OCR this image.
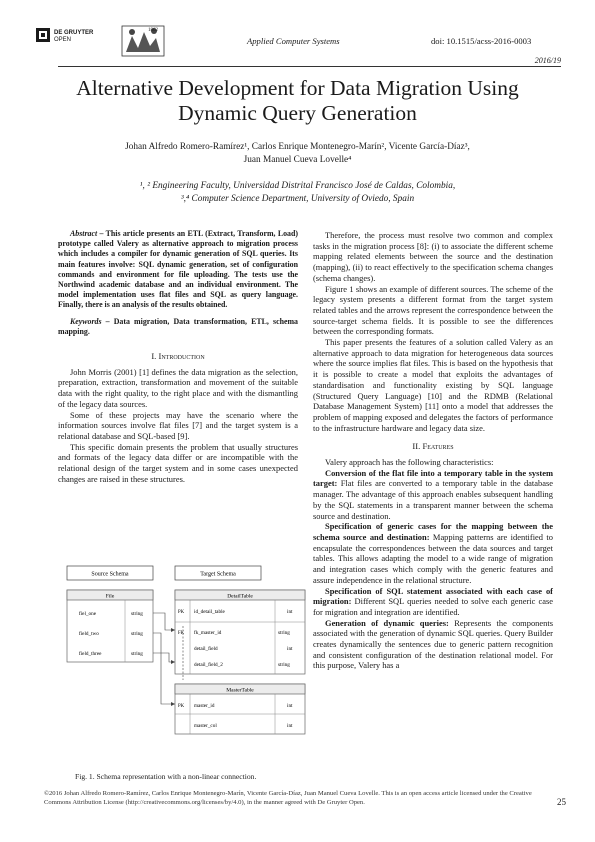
DE GRUYTER
OPEN
1862
Applied Computer Systems	doi: 10.1515/acss-2016-0003
2016/19
Alternative Development for Data Migration Using Dynamic Query Generation
Johan Alfredo Romero-Ramírez¹, Carlos Enrique Montenegro-Marín², Vicente García-Díaz³,
Juan Manuel Cueva Lovelle⁴
¹, ² Engineering Faculty, Universidad Distrital Francisco José de Caldas, Colombia,
³,⁴ Computer Science Department, University of Oviedo, Spain

Abstract – This article presents an ETL (Extract, Transform, Load) prototype called Valery as alternative approach to migration process which includes a compiler for dynamic generation of SQL queries. Its main features involve: SQL dynamic generation, set of configuration commands and environment for file uploading. The tests use the Northwind academic database and an individual environment. The model implementation uses flat files and SQL as query language. Finally, there is an analysis of the results obtained.

Keywords – Data migration, Data transformation, ETL, schema mapping.

I. Introduction

John Morris (2001) [1] defines the data migration as the selection, preparation, extraction, transformation and movement of the suitable data with the right quality, to the right place and with the dismantling of the legacy data sources.

Some of these projects may have the scenario where the information sources involve flat files [7] and the target system is a relational database and SQL-based [9].

This specific domain presents the problem that usually structures and formats of the legacy data differ or are incompatible with the relational design of the target system and in some cases unexpected changes are raised in these structures.

Source Schema	Target Schema
File
fiel_one	string
field_two	string
field_three	string
DetailTable
PK id_detail_table	int
FK fk_master_id	string
detail_field	int
detail_field_2	string
MasterTable
PK master_id	int
master_col	int
Fig. 1. Schema representation with a non-linear connection.

Therefore, the process must resolve two common and complex tasks in the migration process [8]: (i) to associate the different scheme mapping related elements between the source and the destination (mapping), (ii) to react effectively to the specification schema changes (schema changes).

Figure 1 shows an example of different sources. The scheme of the legacy system presents a different format from the target system related tables and the arrows represent the correspondence between the source-target schema fields. It is possible to see the differences between the corresponding formats.

This paper presents the features of a solution called Valery as an alternative approach to data migration for heterogeneous data sources where the source implies flat files. This is based on the hypothesis that it is possible to create a model that exploits the advantages of standardisation and functionality existing by SQL language (Structured Query Language) [10] and the RDMB (Relational Database Management System) [11] onto a model that addresses the problem of mapping exposed and delegates the factors of performance to the infrastructure hardware and legacy data size.

II. Features

Valery approach has the following characteristics:

Conversion of the flat file into a temporary table in the system target: Flat files are converted to a temporary table in the database manager. The advantage of this approach enables subsequent handling by the SQL statements in a transparent manner between the schema source and destination.

Specification of generic cases for the mapping between the schema source and destination: Mapping patterns are identified to encapsulate the correspondences between the data sources and target tables. This allows adapting the model to a wide range of migration and integration cases which comply with the generic features and assure independence in the relational structure.

Specification of SQL statement associated with each case of migration: Different SQL queries needed to solve each generic case for migration and integration are identified.

Generation of dynamic queries: Represents the components associated with the generation of dynamic SQL queries. Query Builder creates dynamically the sentences due to generic pattern recognition and consistent configuration of the destination relational model. For this purpose, Valery has a

©2016 Johan Alfredo Romero-Ramírez, Carlos Enrique Montenegro-Marín, Vicente García-Díaz, Juan Manuel Cueva Lovelle. This is an open access article licensed under the Creative Commons Attribution License (http://creativecommons.org/licenses/by/4.0), in the manner agreed with De Gruyter Open.	25
